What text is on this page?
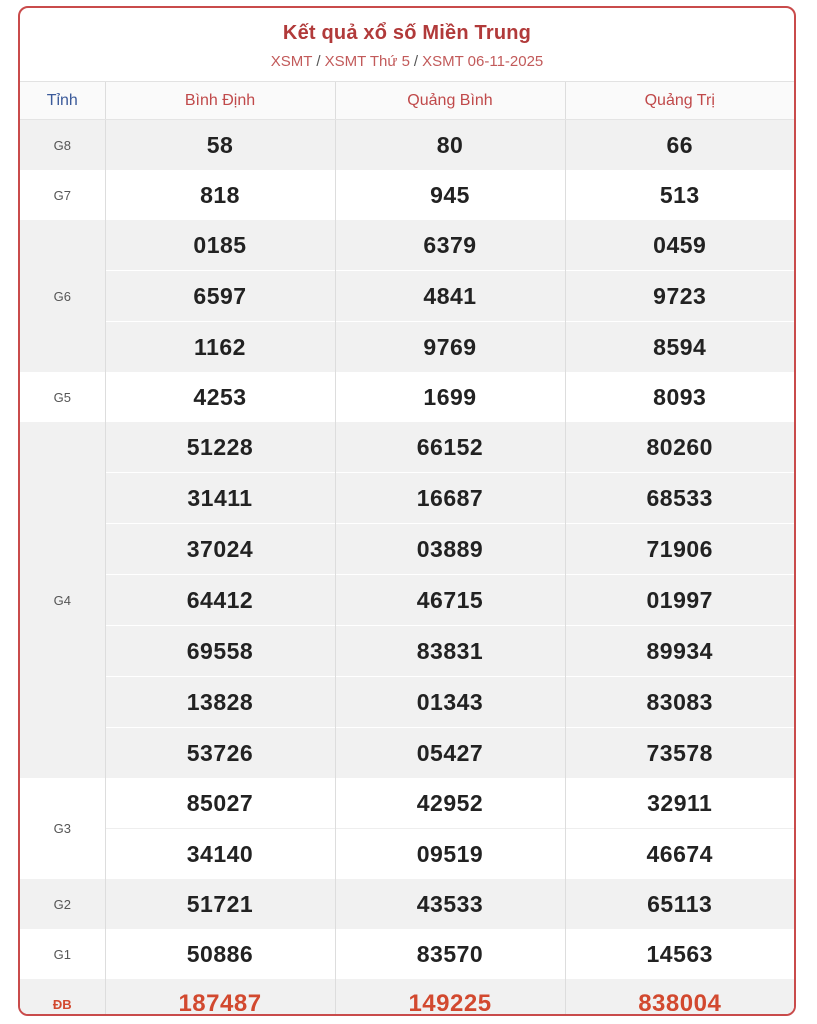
Kết quả xổ số Miền Trung
XSMT / XSMT Thứ 5 / XSMT 06-11-2025
Tỉnh	Bình Định	Quảng Bình	Quảng Trị
G8	58	80	66
G7	818	945	513
G6	0185	6379	0459
	6597	4841	9723
	1162	9769	8594
G5	4253	1699	8093
G4	51228	66152	80260
	31411	16687	68533
	37024	03889	71906
	64412	46715	01997
	69558	83831	89934
	13828	01343	83083
	53726	05427	73578
G3	85027	42952	32911
	34140	09519	46674
G2	51721	43533	65113
G1	50886	83570	14563
ĐB	187487	149225	838004
